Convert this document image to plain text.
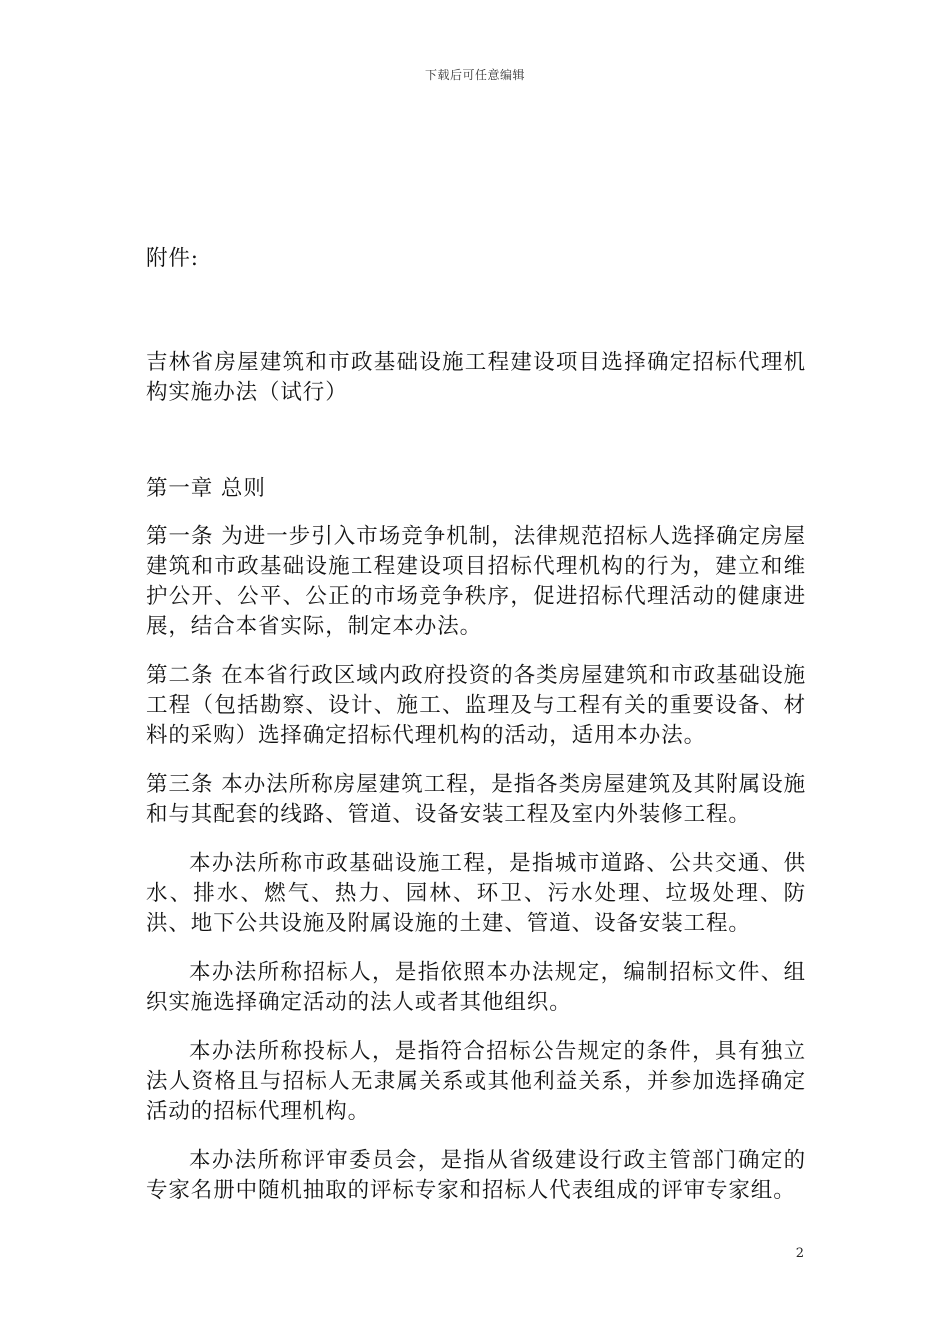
下载后可任意编辑

附件:

吉林省房屋建筑和市政基础设施工程建设项目选择确定招标代理机构实施办法（试行）

第一章 总则

第一条 为进一步引入市场竞争机制，法律规范招标人选择确定房屋建筑和市政基础设施工程建设项目招标代理机构的行为，建立和维护公开、公平、公正的市场竞争秩序，促进招标代理活动的健康进展，结合本省实际，制定本办法。

第二条 在本省行政区域内政府投资的各类房屋建筑和市政基础设施工程（包括勘察、设计、施工、监理及与工程有关的重要设备、材料的采购）选择确定招标代理机构的活动，适用本办法。

第三条 本办法所称房屋建筑工程，是指各类房屋建筑及其附属设施和与其配套的线路、管道、设备安装工程及室内外装修工程。

本办法所称市政基础设施工程，是指城市道路、公共交通、供水、排水、燃气、热力、园林、环卫、污水处理、垃圾处理、防洪、地下公共设施及附属设施的土建、管道、设备安装工程。

本办法所称招标人，是指依照本办法规定，编制招标文件、组织实施选择确定活动的法人或者其他组织。

本办法所称投标人，是指符合招标公告规定的条件，具有独立法人资格且与招标人无隶属关系或其他利益关系，并参加选择确定活动的招标代理机构。

本办法所称评审委员会，是指从省级建设行政主管部门确定的专家名册中随机抽取的评标专家和招标人代表组成的评审专家组。

2
